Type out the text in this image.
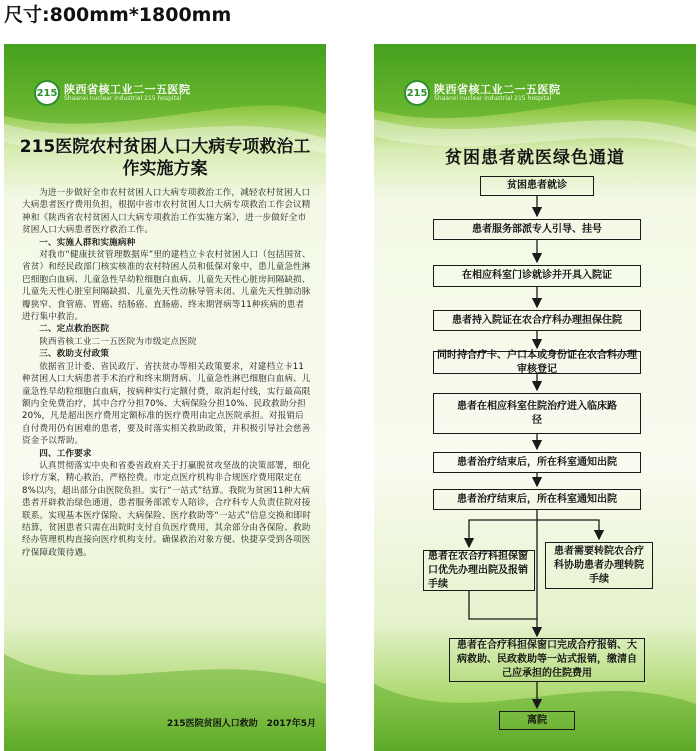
尺寸:800mm*1800mm
215 陕西省核工业二一五医院
Shaanxi nuclear industrial 215 hospital
215医院农村贫困人口大病专项救治工作实施方案

为进一步做好全市农村贫困人口大病专项救治工作，减轻农村贫困人口大病患者医疗费用负担，根据中省市农村贫困人口大病专项救治工作会议精神和《陕西省农村贫困人口大病专项救治工作实施方案》，进一步做好全市贫困人口大病患者医疗救治工作。

一、实施人群和实施病种

对我市“健康扶贫管理数据库”里的建档立卡农村贫困人口（包括国贫、省贫）和经民政部门核实核准的农村特困人员和低保对象中，患儿童急性淋巴细胞白血病、儿童急性早幼粒细胞白血病、儿童先天性心脏房间隔缺损、儿童先天性心脏室间隔缺损、儿童先天性动脉导管未闭、儿童先天性肺动脉瓣狭窄、食管癌、胃癌、结肠癌、直肠癌、终末期肾病等11种疾病的患者进行集中救治。

二、定点救治医院

陕西省核工业二一五医院为市级定点医院

三、救助支付政策

依据省卫计委、省民政厅、省扶贫办等相关政策要求，对建档立卡11种贫困人口大病患者手术治疗和终末期肾病、儿童急性淋巴细胞白血病、儿童急性早幼粒细胞白血病，按病种实行定额付费，取消起付线，实行最高限额内全免费治疗，其中合疗分担70%、大病保险分担10%、民政救助分担20%，凡是超出医疗费用定额标准的医疗费用由定点医院承担。对报销后自付费用仍有困难的患者，要及时落实相关救助政策，并积极引导社会慈善资金予以帮助。

四、工作要求

认真贯彻落实中央和省委省政府关于打赢脱贫攻坚战的决策部署，细化诊疗方案，精心救治，严格控费。市定点医疗机构非合规医疗费用限定在8%以内，超出部分由医院负担。实行“一站式”结算。我院为贫困11种大病患者开辟救治绿色通道，患者服务部派专人陪诊，合疗科专人负责住院对接联系。实现基本医疗保险、大病保险、医疗救助等“一站式”信息交换和即时结算，贫困患者只需在出院时支付自负医疗费用，其余部分由各保险、救助经办管理机构直接向医疗机构支付。确保救治对象方便、快捷享受到各项医疗保障政策待遇。

215医院贫困人口救助　2017年5月
215 陕西省核工业二一五医院
Shaanxi nuclear industrial 215 hospital
贫困患者就医绿色通道
贫困患者就诊
患者服务部派专人引导、挂号
在相应科室门诊就诊并开具入院证
患者持入院证在农合疗科办理担保住院
同时持合疗卡、户口本或身份证在农合科办理审核登记
患者在相应科室住院治疗进入临床路径
患者治疗结束后，所在科室通知出院
患者治疗结束后，所在科室通知出院
患者需要转院农合疗科协助患者办理转院手续
患者在农合疗科担保窗口优先办理出院及报销手续
患者在合疗科担保窗口完成合疗报销、大病救助、民政救助等一站式报销，缴清自己应承担的住院费用
离院
